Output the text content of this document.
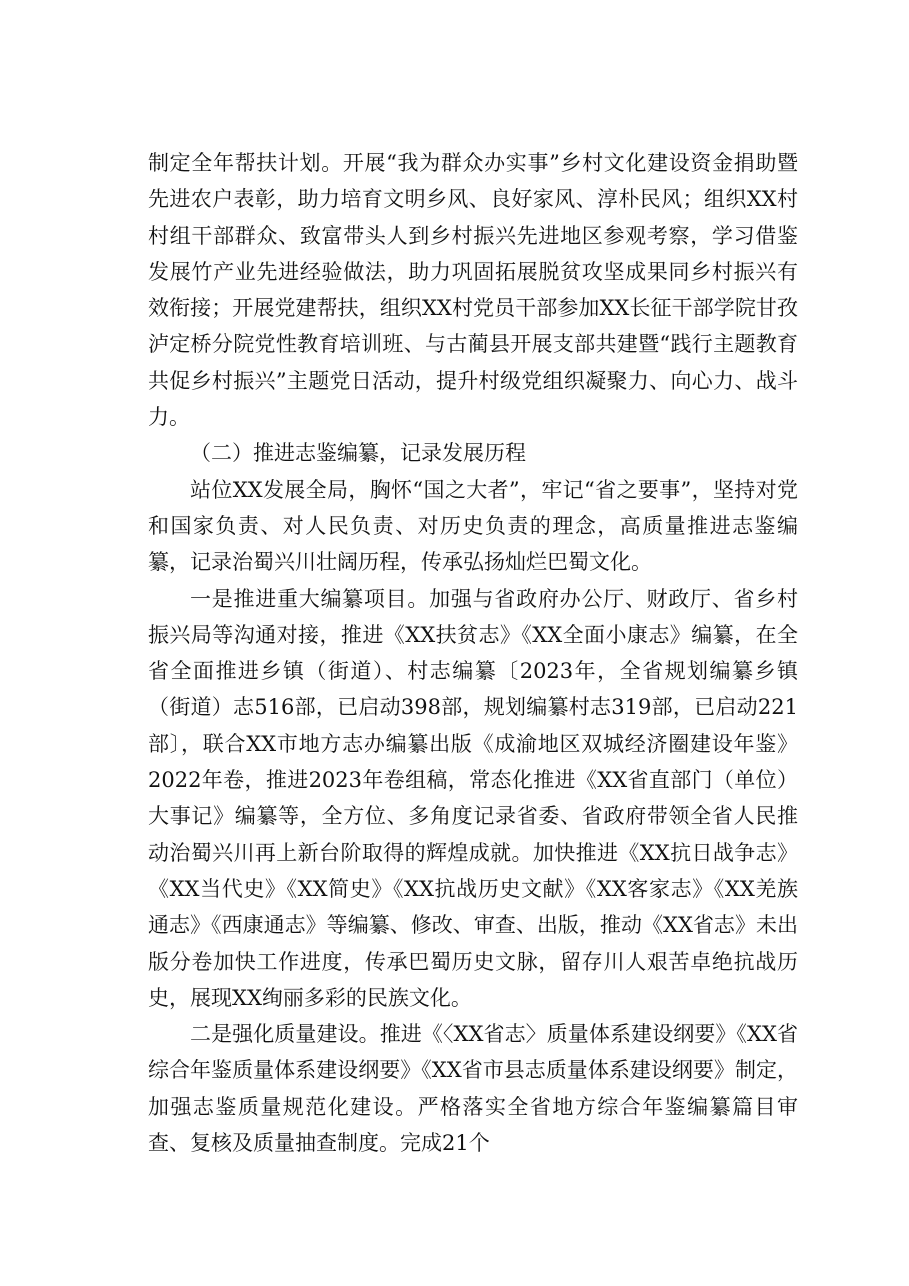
制定全年帮扶计划。开展“我为群众办实事”乡村文化建设资金捐助暨先进农户表彰，助力培育文明乡风、良好家风、淳朴民风；组织XX村村组干部群众、致富带头人到乡村振兴先进地区参观考察，学习借鉴发展竹产业先进经验做法，助力巩固拓展脱贫攻坚成果同乡村振兴有效衔接；开展党建帮扶，组织XX村党员干部参加XX长征干部学院甘孜泸定桥分院党性教育培训班、与古蔺县开展支部共建暨“践行主题教育共促乡村振兴”主题党日活动，提升村级党组织凝聚力、向心力、战斗力。

（二）推进志鉴编纂，记录发展历程

站位XX发展全局，胸怀“国之大者”，牢记“省之要事”，坚持对党和国家负责、对人民负责、对历史负责的理念，高质量推进志鉴编纂，记录治蜀兴川壮阔历程，传承弘扬灿烂巴蜀文化。

一是推进重大编纂项目。加强与省政府办公厅、财政厅、省乡村振兴局等沟通对接，推进《XX扶贫志》《XX全面小康志》编纂，在全省全面推进乡镇（街道）、村志编纂〔2023年，全省规划编纂乡镇（街道）志516部，已启动398部，规划编纂村志319部，已启动221部〕，联合XX市地方志办编纂出版《成渝地区双城经济圈建设年鉴》2022年卷，推进2023年卷组稿，常态化推进《XX省直部门（单位）大事记》编纂等，全方位、多角度记录省委、省政府带领全省人民推动治蜀兴川再上新台阶取得的辉煌成就。加快推进《XX抗日战争志》《XX当代史》《XX简史》《XX抗战历史文献》《XX客家志》《XX羌族通志》《西康通志》等编纂、修改、审查、出版，推动《XX省志》未出版分卷加快工作进度，传承巴蜀历史文脉，留存川人艰苦卓绝抗战历史，展现XX绚丽多彩的民族文化。

二是强化质量建设。推进《〈XX省志〉质量体系建设纲要》《XX省综合年鉴质量体系建设纲要》《XX省市县志质量体系建设纲要》制定，加强志鉴质量规范化建设。严格落实全省地方综合年鉴编纂篇目审查、复核及质量抽查制度。完成21个
